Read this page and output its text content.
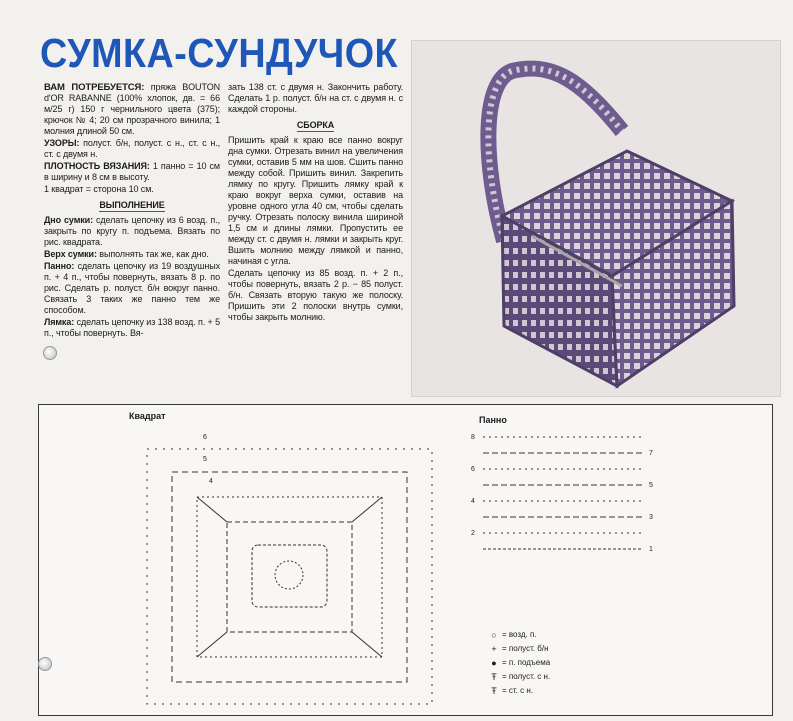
СУМКА-СУНДУЧОК

ВАМ ПОТРЕБУЕТСЯ: пряжа BOUTON d'OR RABANNE (100% хлопок, дв. = 66 м/25 г) 150 г чернильного цвета (375); крючок № 4; 20 см прозрачного винила; 1 молния длиной 50 см.

УЗОРЫ: полуст. б/н, полуст. с н., ст. с н., ст. с двумя н.

ПЛОТНОСТЬ ВЯЗАНИЯ: 1 панно = 10 см в ширину и 8 см в высоту.

1 квадрат = сторона 10 см.

ВЫПОЛНЕНИЕ

Дно сумки: сделать цепочку из 6 возд. п., закрыть по кругу п. подъема. Вязать по рис. квадрата.

Верх сумки: выполнять так же, как дно.

Панно: сделать цепочку из 19 воздушных п. + 4 п., чтобы повернуть, вязать 8 р. по рис. Сделать р. полуст. б/н вокруг панно. Связать 3 таких же панно тем же способом.

Лямка: сделать цепочку из 138 возд. п. + 5 п., чтобы повернуть. Вя-

зать 138 ст. с двумя н. Закончить работу. Сделать 1 р. полуст. б/н на ст. с двумя н. с каждой стороны.

СБОРКА

Пришить край к краю все панно вокруг дна сумки. Отрезать винил на увеличения сумки, оставив 5 мм на шов. Сшить панно между собой. Пришить винил. Закрепить лямку по кругу. Пришить лямку край к краю вокруг верха сумки, оставив на уровне одного угла 40 см, чтобы сделать ручку. Отрезать полоску винила шириной 1,5 см и длины лямки. Пропустить ее между ст. с двумя н. лямки и закрыть круг. Вшить молнию между лямкой и панно, начиная с угла.

Сделать цепочку из 85 возд. п. + 2 п., чтобы повернуть, вязать 2 р. − 85 полуст. б/н. Связать вторую такую же полоску. Пришить эти 2 полоски внутрь сумки, чтобы закрыть молнию.

Квадрат	Панно
6
5
4
8
7
6
5
4
3
2
1
○ = возд. п.
+ = полуст. б/н
● = п. подъема
Ŧ = полуст. с н.
Ŧ = ст. с н.
